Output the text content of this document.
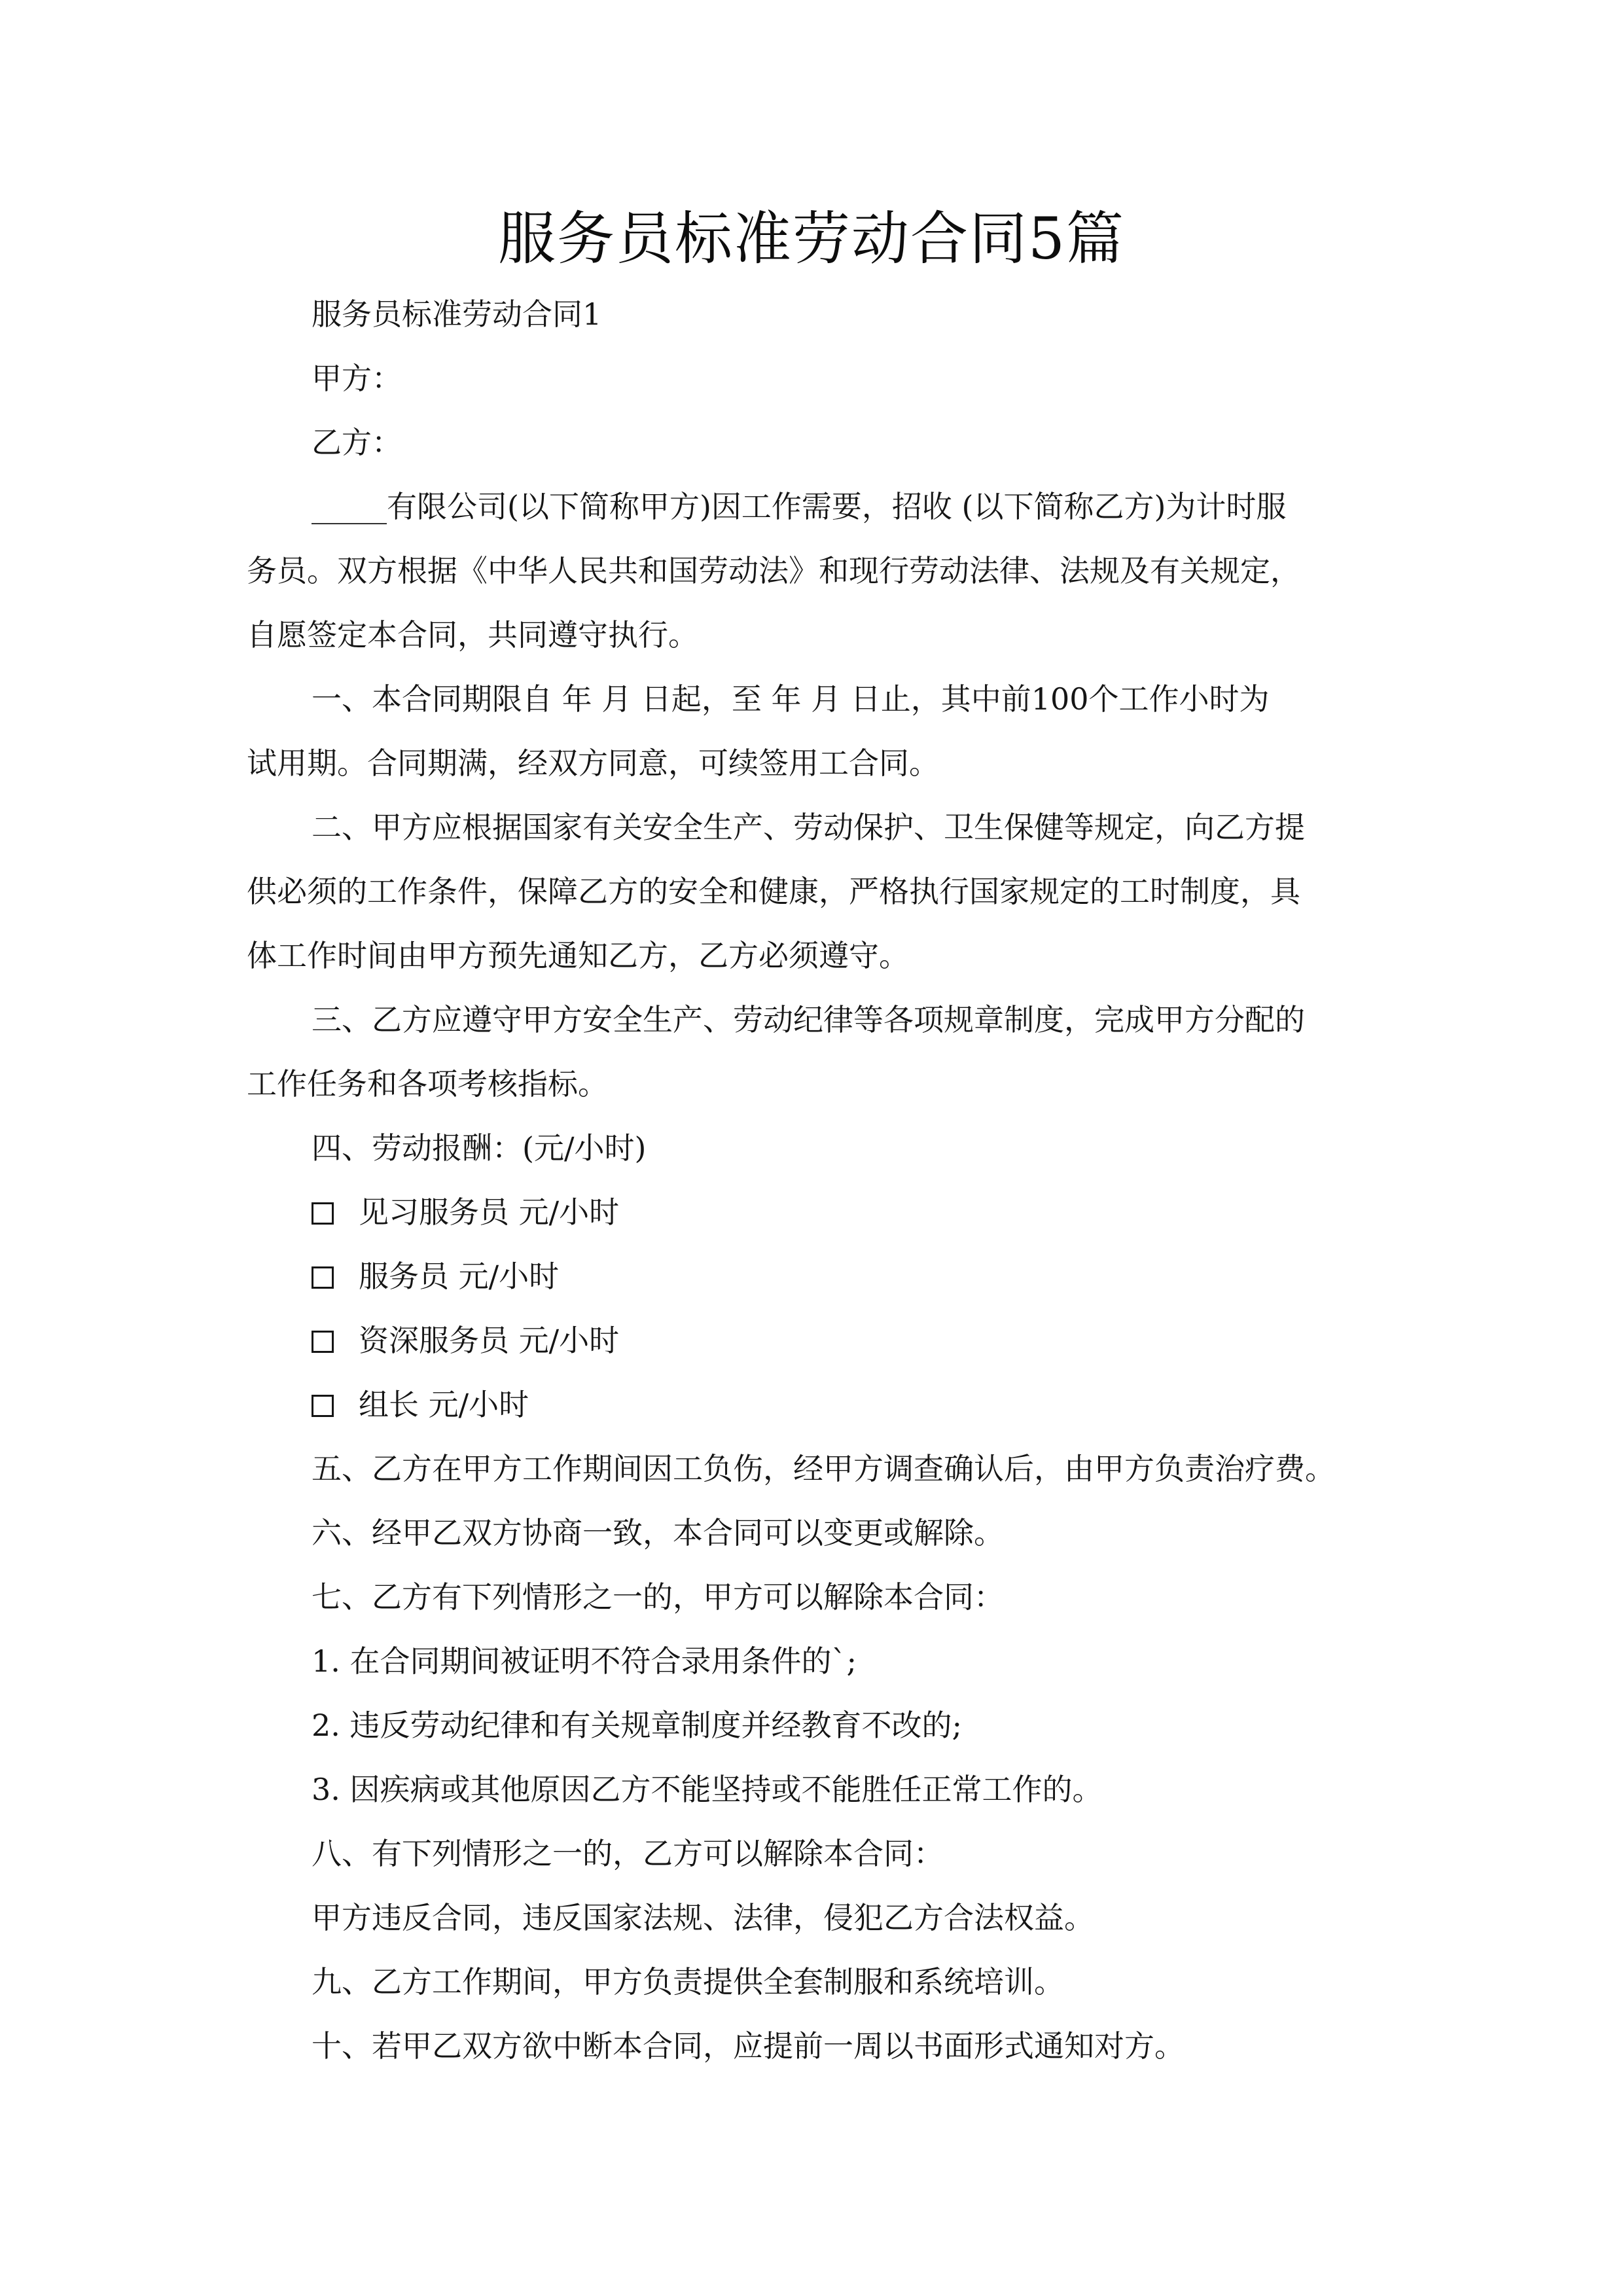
服务员标准劳动合同5篇
服务员标准劳动合同1
甲方：
乙方：
_____有限公司(以下简称甲方)因工作需要，招收 (以下简称乙方)为计时服
务员。双方根据《中华人民共和国劳动法》和现行劳动法律、法规及有关规定，
自愿签定本合同，共同遵守执行。
一、本合同期限自 年 月 日起，至 年 月 日止，其中前100个工作小时为
试用期。合同期满，经双方同意，可续签用工合同。
二、甲方应根据国家有关安全生产、劳动保护、卫生保健等规定，向乙方提
供必须的工作条件，保障乙方的安全和健康，严格执行国家规定的工时制度，具
体工作时间由甲方预先通知乙方，乙方必须遵守。
三、乙方应遵守甲方安全生产、劳动纪律等各项规章制度，完成甲方分配的
工作任务和各项考核指标。
四、劳动报酬：(元/小时)
见习服务员 元/小时
服务员 元/小时
资深服务员 元/小时
组长 元/小时
五、乙方在甲方工作期间因工负伤，经甲方调查确认后，由甲方负责治疗费。
六、经甲乙双方协商一致，本合同可以变更或解除。
七、乙方有下列情形之一的，甲方可以解除本合同：
1. 在合同期间被证明不符合录用条件的`;
2. 违反劳动纪律和有关规章制度并经教育不改的;
3. 因疾病或其他原因乙方不能坚持或不能胜任正常工作的。
八、有下列情形之一的，乙方可以解除本合同：
甲方违反合同，违反国家法规、法律，侵犯乙方合法权益。
九、乙方工作期间，甲方负责提供全套制服和系统培训。
十、若甲乙双方欲中断本合同，应提前一周以书面形式通知对方。
